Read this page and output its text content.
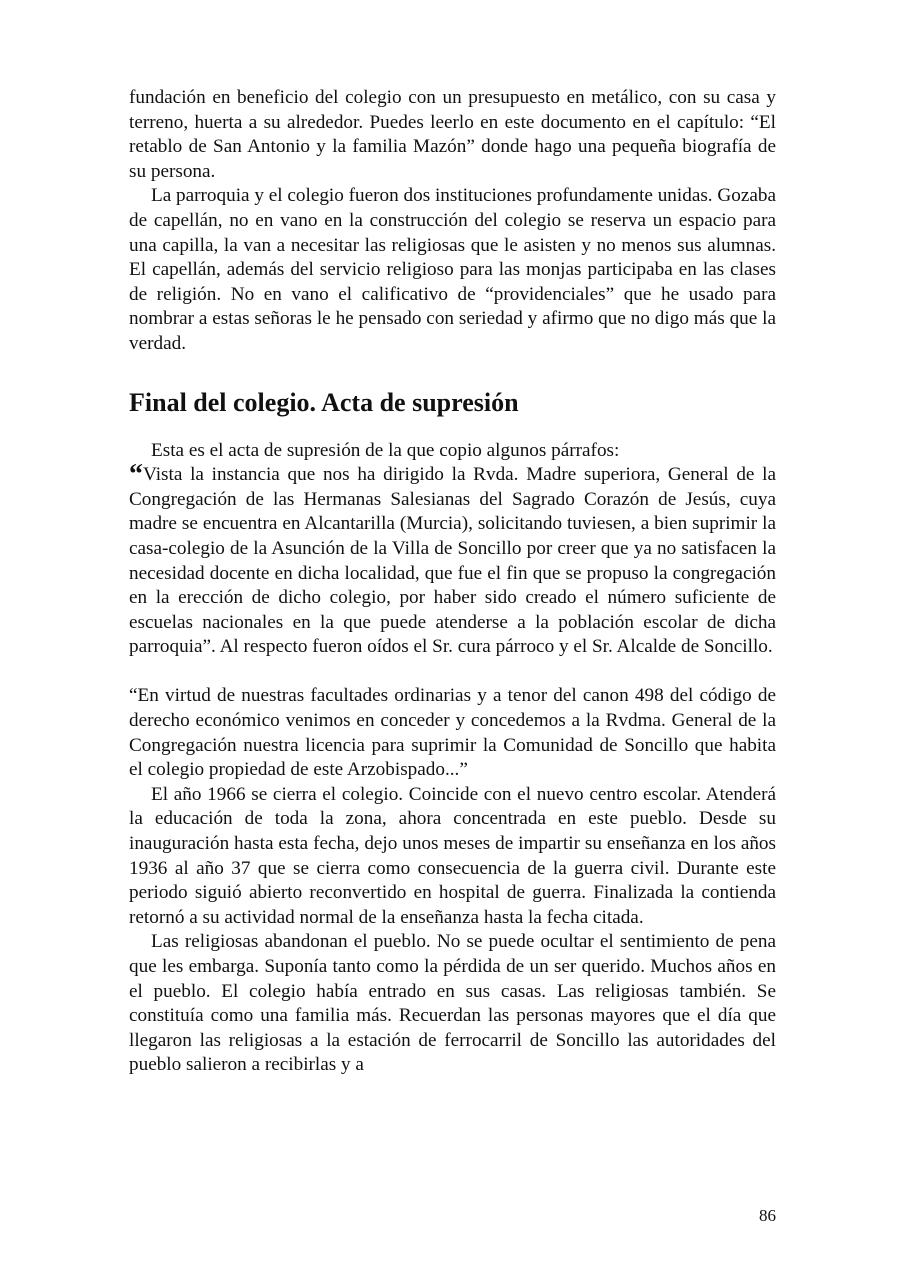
fundación en beneficio del colegio con un presupuesto en metálico, con su casa y terreno, huerta a su alrededor. Puedes leerlo en este documento en el capítulo: “El retablo de San Antonio y la familia Mazón” donde hago una pequeña biografía de su persona.

La parroquia y el colegio fueron dos instituciones profundamente unidas. Gozaba de capellán, no en vano en la construcción del colegio se reserva un espacio para una capilla, la van a necesitar las religiosas que le asisten y no menos sus alumnas. El capellán, además del servicio religioso para las monjas participaba en las clases de religión. No en vano el calificativo de “providenciales” que he usado para nombrar a estas señoras le he pensado con seriedad y afirmo que no digo más que la verdad.

Final del colegio. Acta de supresión

Esta es el acta de supresión de la que copio algunos párrafos:

“Vista la instancia que nos ha dirigido la Rvda. Madre superiora, General de la Congregación de las Hermanas Salesianas del Sagrado Corazón de Jesús, cuya madre se encuentra en Alcantarilla (Murcia), solicitando tuviesen, a bien suprimir la casa-colegio de la Asunción de la Villa de Soncillo por creer que ya no satisfacen la necesidad docente en dicha localidad, que fue el fin que se propuso la congregación en la erección de dicho colegio, por haber sido creado el número suficiente de escuelas nacionales en la que puede atenderse a la población escolar de dicha parroquia”. Al respecto fueron oídos el Sr. cura párroco y el Sr. Alcalde de Soncillo.

“En virtud de nuestras facultades ordinarias y a tenor del canon 498 del código de derecho económico venimos en conceder y concedemos a la Rvdma. General de la Congregación nuestra licencia para suprimir la Comunidad de Soncillo que habita el colegio propiedad de este Arzobispado...”

El año 1966 se cierra el colegio. Coincide con el nuevo centro escolar. Atenderá la educación de toda la zona, ahora concentrada en este pueblo. Desde su inauguración hasta esta fecha, dejo unos meses de impartir su enseñanza en los años 1936 al año 37 que se cierra como consecuencia de la guerra civil. Durante este periodo siguió abierto reconvertido en hospital de guerra. Finalizada la contienda retornó a su actividad normal de la enseñanza hasta la fecha citada.

Las religiosas abandonan el pueblo. No se puede ocultar el sentimiento de pena que les embarga. Suponía tanto como la pérdida de un ser querido. Muchos años en el pueblo. El colegio había entrado en sus casas. Las religiosas también. Se constituía como una familia más. Recuerdan las personas mayores que el día que llegaron las religiosas a la estación de ferrocarril de Soncillo las autoridades del pueblo salieron a recibirlas y a

86
